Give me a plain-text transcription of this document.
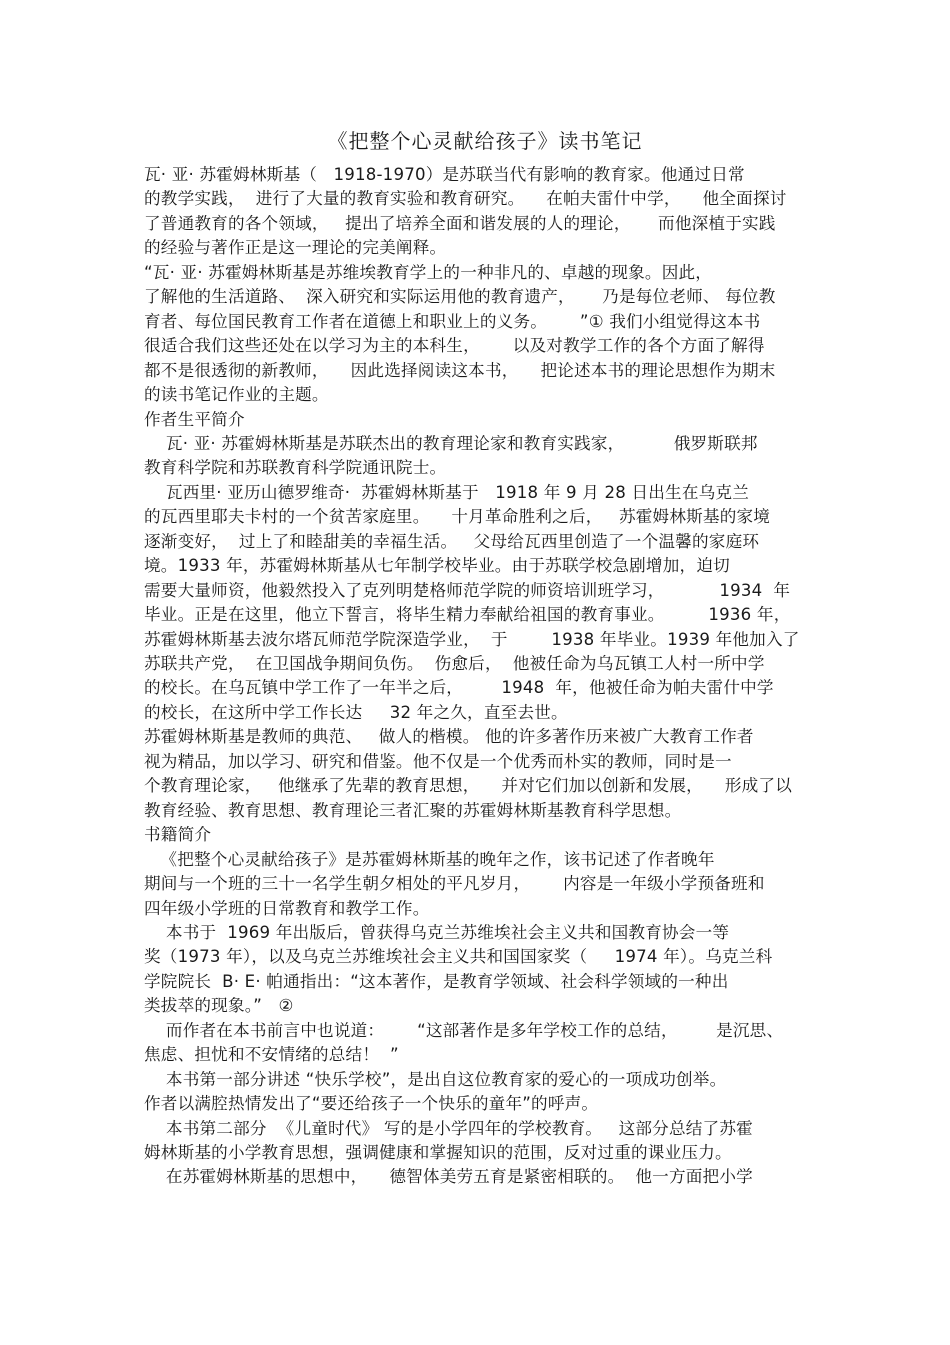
《把整个心灵献给孩子》读书笔记
瓦· 亚· 苏霍姆林斯基（   1918-1970）是苏联当代有影响的教育家。他通过日常
的教学实践，  进行了大量的教育实验和教育研究。    在帕夫雷什中学，    他全面探讨
了普通教育的各个领域，   提出了培养全面和谐发展的人的理论，     而他深植于实践
的经验与著作正是这一理论的完美阐释。
“瓦· 亚· 苏霍姆林斯基是苏维埃教育学上的一种非凡的、卓越的现象。因此，
了解他的生活道路、  深入研究和实际运用他的教育遗产，     乃是每位老师、 每位教
育者、每位国民教育工作者在道德上和职业上的义务。      ”① 我们小组觉得这本书
很适合我们这些还处在以学习为主的本科生，      以及对教学工作的各个方面了解得
都不是很透彻的新教师，    因此选择阅读这本书，    把论述本书的理论思想作为期末
的读书笔记作业的主题。
作者生平简介
瓦· 亚· 苏霍姆林斯基是苏联杰出的教育理论家和教育实践家，         俄罗斯联邦
教育科学院和苏联教育科学院通讯院士。
瓦西里· 亚历山德罗维奇·  苏霍姆林斯基于   1918 年 9 月 28 日出生在乌克兰
的瓦西里耶夫卡村的一个贫苦家庭里。    十月革命胜利之后，   苏霍姆林斯基的家境
逐渐变好，  过上了和睦甜美的幸福生活。   父母给瓦西里创造了一个温馨的家庭环
境。1933 年，苏霍姆林斯基从七年制学校毕业。由于苏联学校急剧增加，迫切
需要大量师资，他毅然投入了克列明楚格师范学院的师资培训班学习，          1934  年
毕业。正是在这里，他立下誓言，将毕生精力奉献给祖国的教育事业。        1936 年，
苏霍姆林斯基去波尔塔瓦师范学院深造学业，  于        1938 年毕业。1939 年他加入了
苏联共产党，  在卫国战争期间负伤。  伤愈后，  他被任命为乌瓦镇工人村一所中学
的校长。在乌瓦镇中学工作了一年半之后，       1948  年，他被任命为帕夫雷什中学
的校长，在这所中学工作长达     32 年之久，直至去世。
苏霍姆林斯基是教师的典范、   做人的楷模。 他的许多著作历来被广大教育工作者
视为精品，加以学习、研究和借鉴。他不仅是一个优秀而朴实的教师，同时是一
个教育理论家，   他继承了先辈的教育思想，    并对它们加以创新和发展，    形成了以
教育经验、教育思想、教育理论三者汇聚的苏霍姆林斯基教育科学思想。
书籍简介
《把整个心灵献给孩子》是苏霍姆林斯基的晚年之作，该书记述了作者晚年
期间与一个班的三十一名学生朝夕相处的平凡岁月，      内容是一年级小学预备班和
四年级小学班的日常教育和教学工作。
本书于  1969 年出版后，曾获得乌克兰苏维埃社会主义共和国教育协会一等
奖（1973 年），以及乌克兰苏维埃社会主义共和国国家奖（     1974 年）。乌克兰科
学院院长  B· E· 帕通指出：“这本著作，是教育学领域、社会科学领域的一种出
类拔萃的现象。”   ②
而作者在本书前言中也说道：      “这部著作是多年学校工作的总结，       是沉思、
焦虑、担忧和不安情绪的总结！  ”
本书第一部分讲述 “快乐学校”，是出自这位教育家的爱心的一项成功创举。
作者以满腔热情发出了“要还给孩子一个快乐的童年”的呼声。
本书第二部分  《儿童时代》 写的是小学四年的学校教育。   这部分总结了苏霍
姆林斯基的小学教育思想，强调健康和掌握知识的范围，反对过重的课业压力。
在苏霍姆林斯基的思想中，    德智体美劳五育是紧密相联的。  他一方面把小学
